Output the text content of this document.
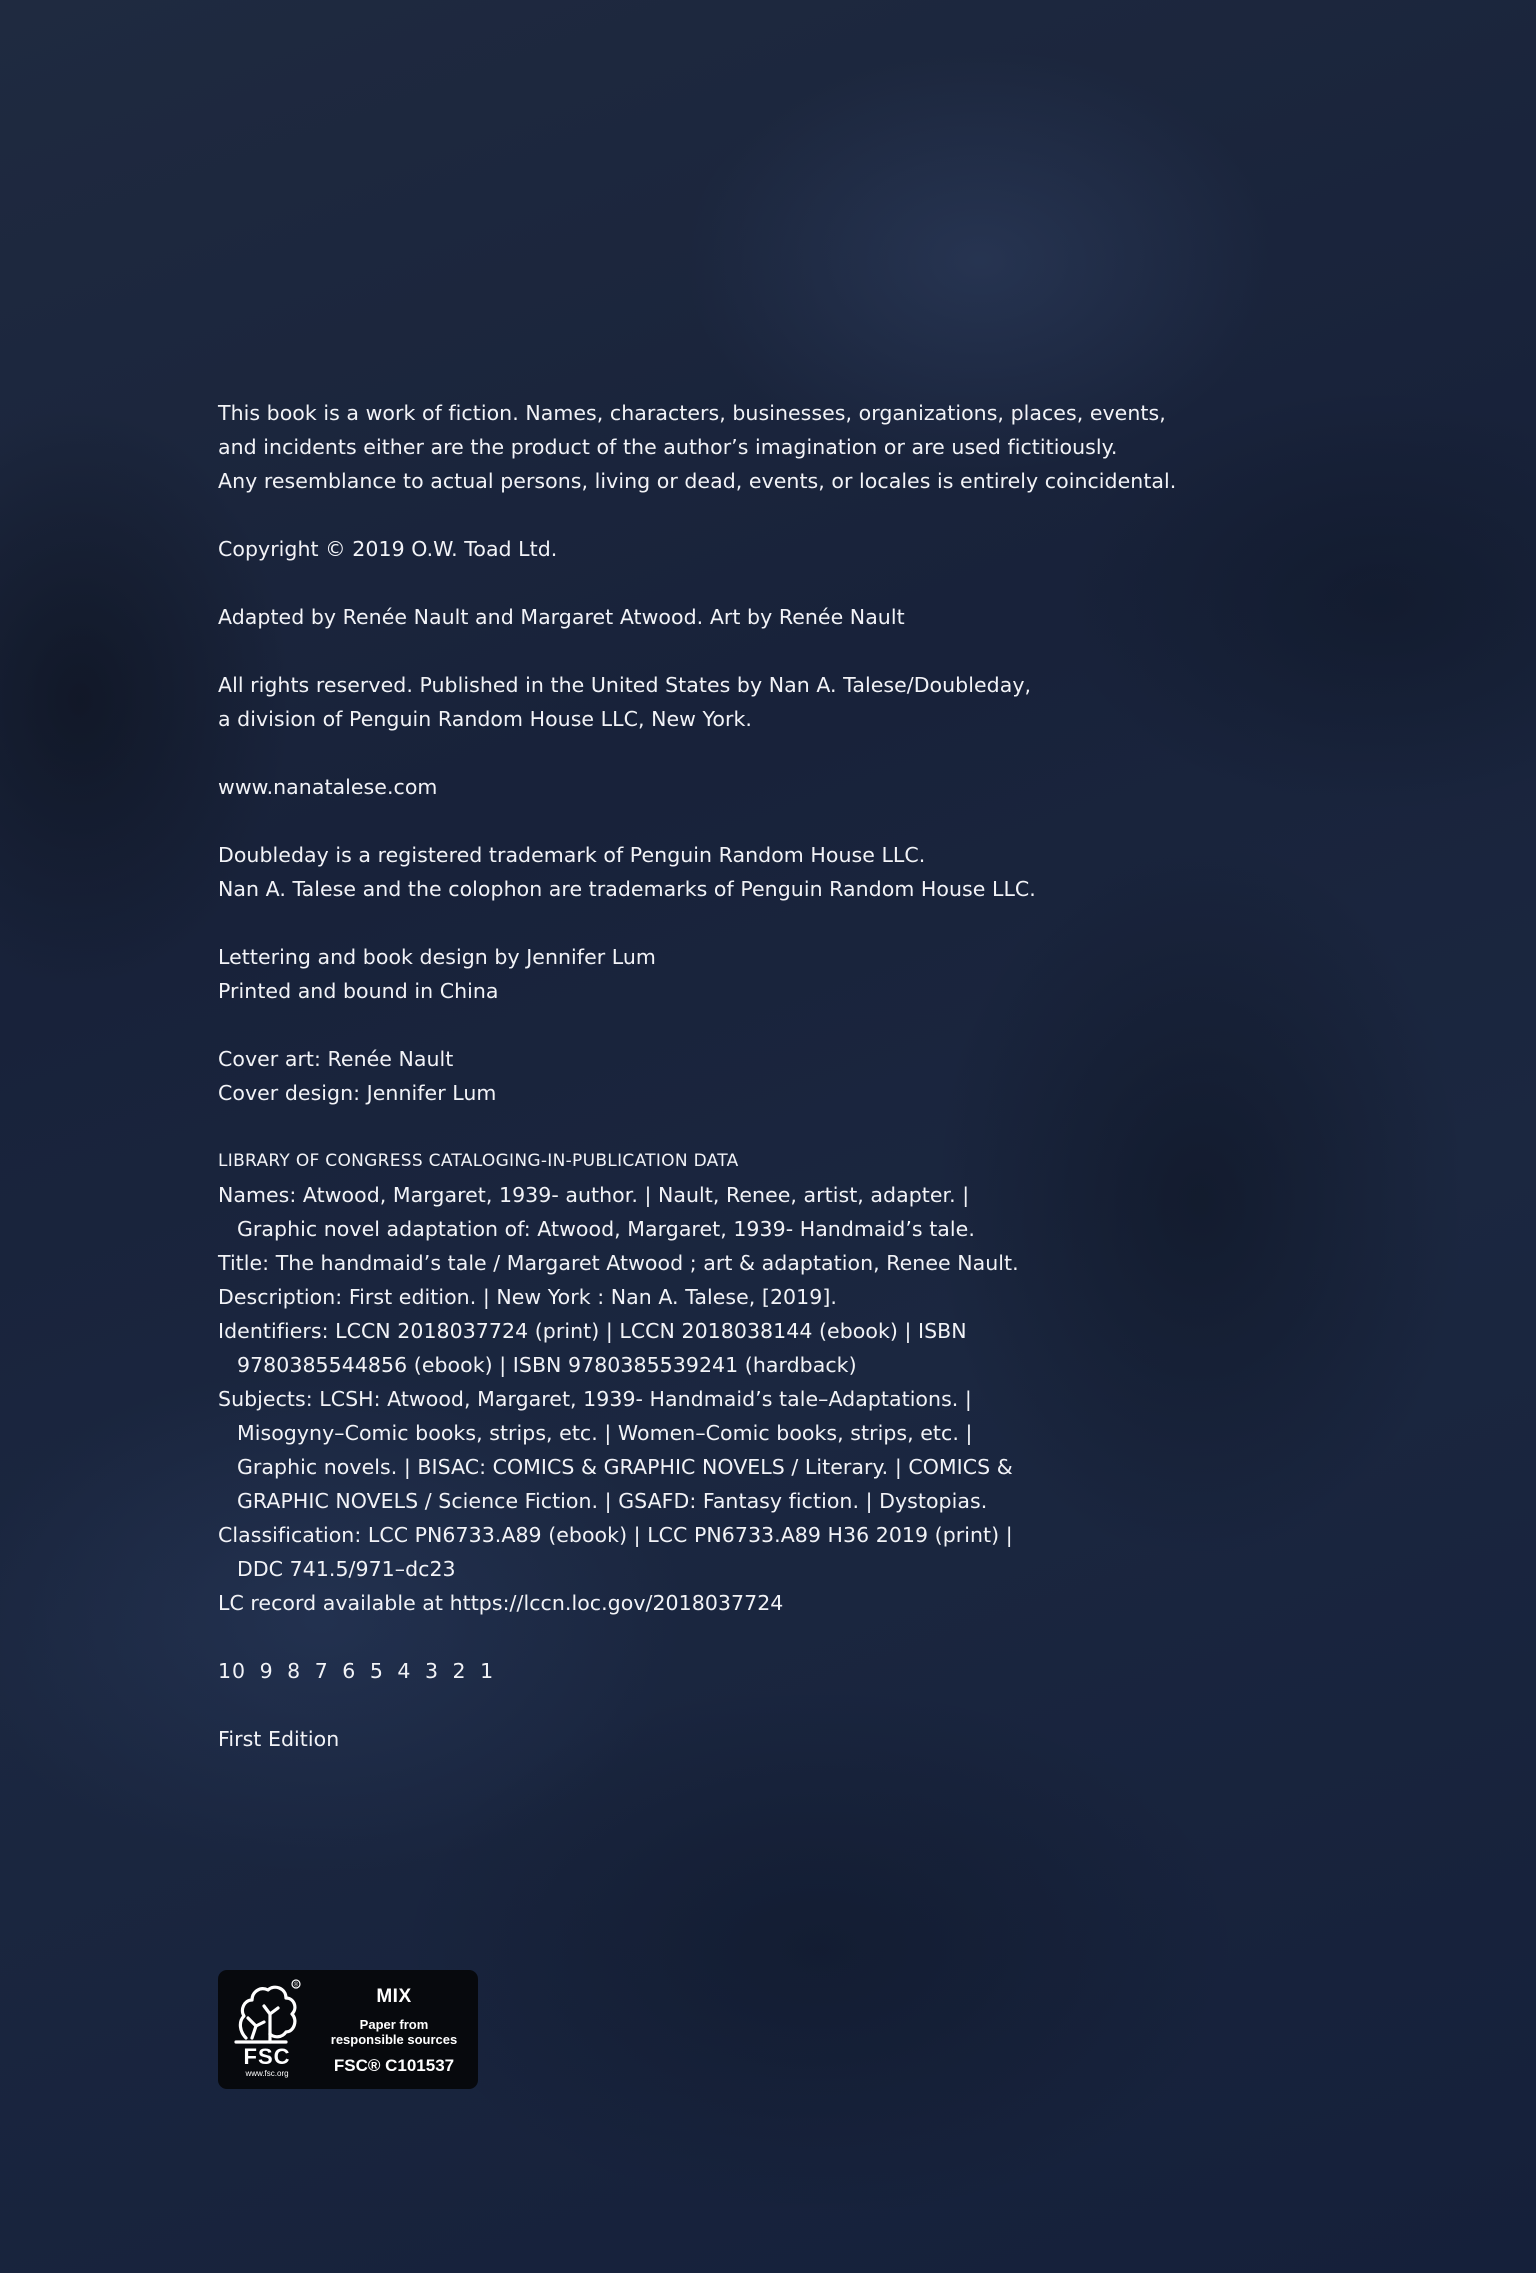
This book is a work of fiction. Names, characters, businesses, organizations, places, events,
and incidents either are the product of the author’s imagination or are used fictitiously.
Any resemblance to actual persons, living or dead, events, or locales is entirely coincidental.
Copyright © 2019 O.W. Toad Ltd.
Adapted by Renée Nault and Margaret Atwood. Art by Renée Nault
All rights reserved. Published in the United States by Nan A. Talese/Doubleday,
a division of Penguin Random House LLC, New York.
www.nanatalese.com
Doubleday is a registered trademark of Penguin Random House LLC.
Nan A. Talese and the colophon are trademarks of Penguin Random House LLC.
Lettering and book design by Jennifer Lum
Printed and bound in China
Cover art: Renée Nault
Cover design: Jennifer Lum
LIBRARY OF CONGRESS CATALOGING-IN-PUBLICATION DATA
Names: Atwood, Margaret, 1939- author. | Nault, Renee, artist, adapter. |
Graphic novel adaptation of: Atwood, Margaret, 1939- Handmaid’s tale.
Title: The handmaid’s tale / Margaret Atwood ; art & adaptation, Renee Nault.
Description: First edition. | New York : Nan A. Talese, [2019].
Identifiers: LCCN 2018037724 (print) | LCCN 2018038144 (ebook) | ISBN
9780385544856 (ebook) | ISBN 9780385539241 (hardback)
Subjects: LCSH: Atwood, Margaret, 1939- Handmaid’s tale–Adaptations. |
Misogyny–Comic books, strips, etc. | Women–Comic books, strips, etc. |
Graphic novels. | BISAC: COMICS & GRAPHIC NOVELS / Literary. | COMICS &
GRAPHIC NOVELS / Science Fiction. | GSAFD: Fantasy fiction. | Dystopias.
Classification: LCC PN6733.A89 (ebook) | LCC PN6733.A89 H36 2019 (print) |
DDC 741.5/971–dc23
LC record available at https://lccn.loc.gov/2018037724
10 9 8 7 6 5 4 3 2 1
First Edition
®
FSC
www.fsc.org
MIX
Paper from
responsible sources
FSC® C101537
